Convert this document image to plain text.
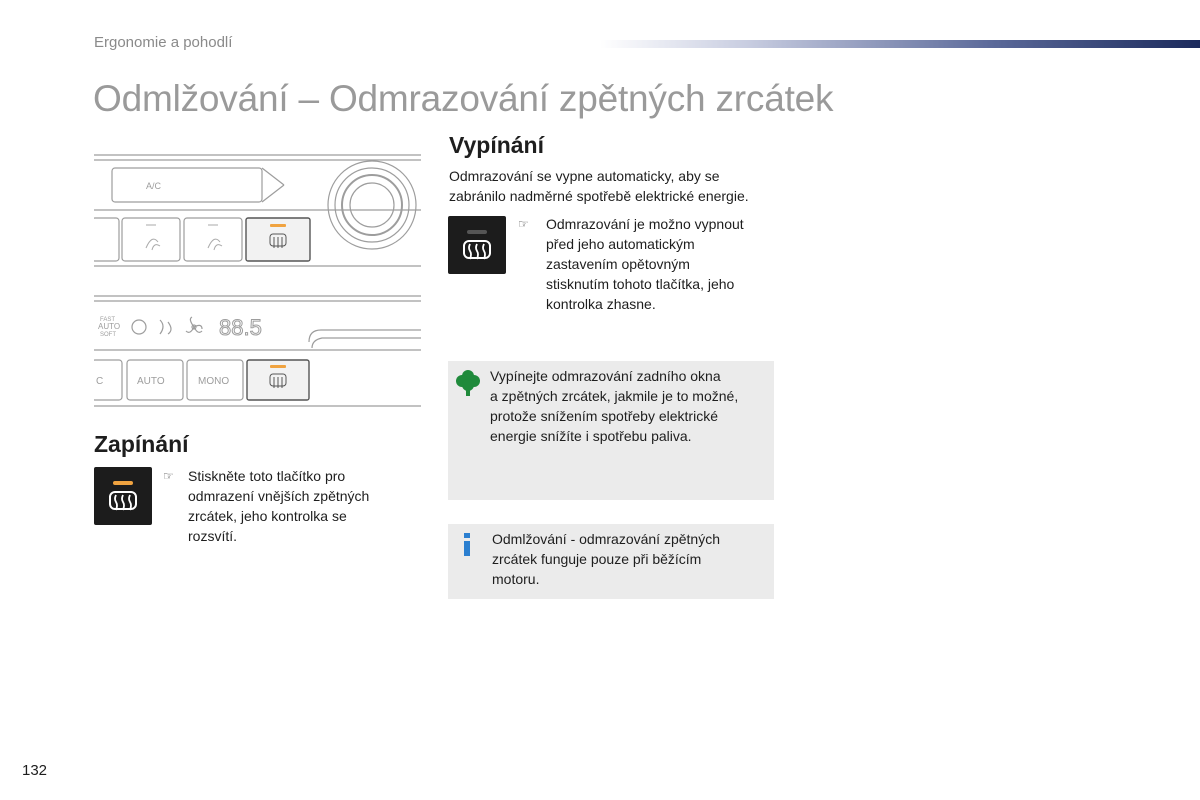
Ergonomie a pohodlí
Odmlžování – Odmrazování zpětných zrcátek
A/C
FAST
AUTO
SOFT	88.5
C	AUTO	MONO
Zapínání
☞ Stiskněte toto tlačítko pro
odmrazení vnějších zpětných
zrcátek, jeho kontrolka se
rozsvítí.
Vypínání
Odmrazování se vypne automaticky, aby se
zabránilo nadměrné spotřebě elektrické energie.
☞ Odmrazování je možno vypnout
před jeho automatickým
zastavením opětovným
stisknutím tohoto tlačítka, jeho
kontrolka zhasne.
Vypínejte odmrazování zadního okna
a zpětných zrcátek, jakmile je to možné,
protože snížením spotřeby elektrické
energie snížíte i spotřebu paliva.
Odmlžování - odmrazování zpětných
zrcátek funguje pouze při běžícím
motoru.
132
